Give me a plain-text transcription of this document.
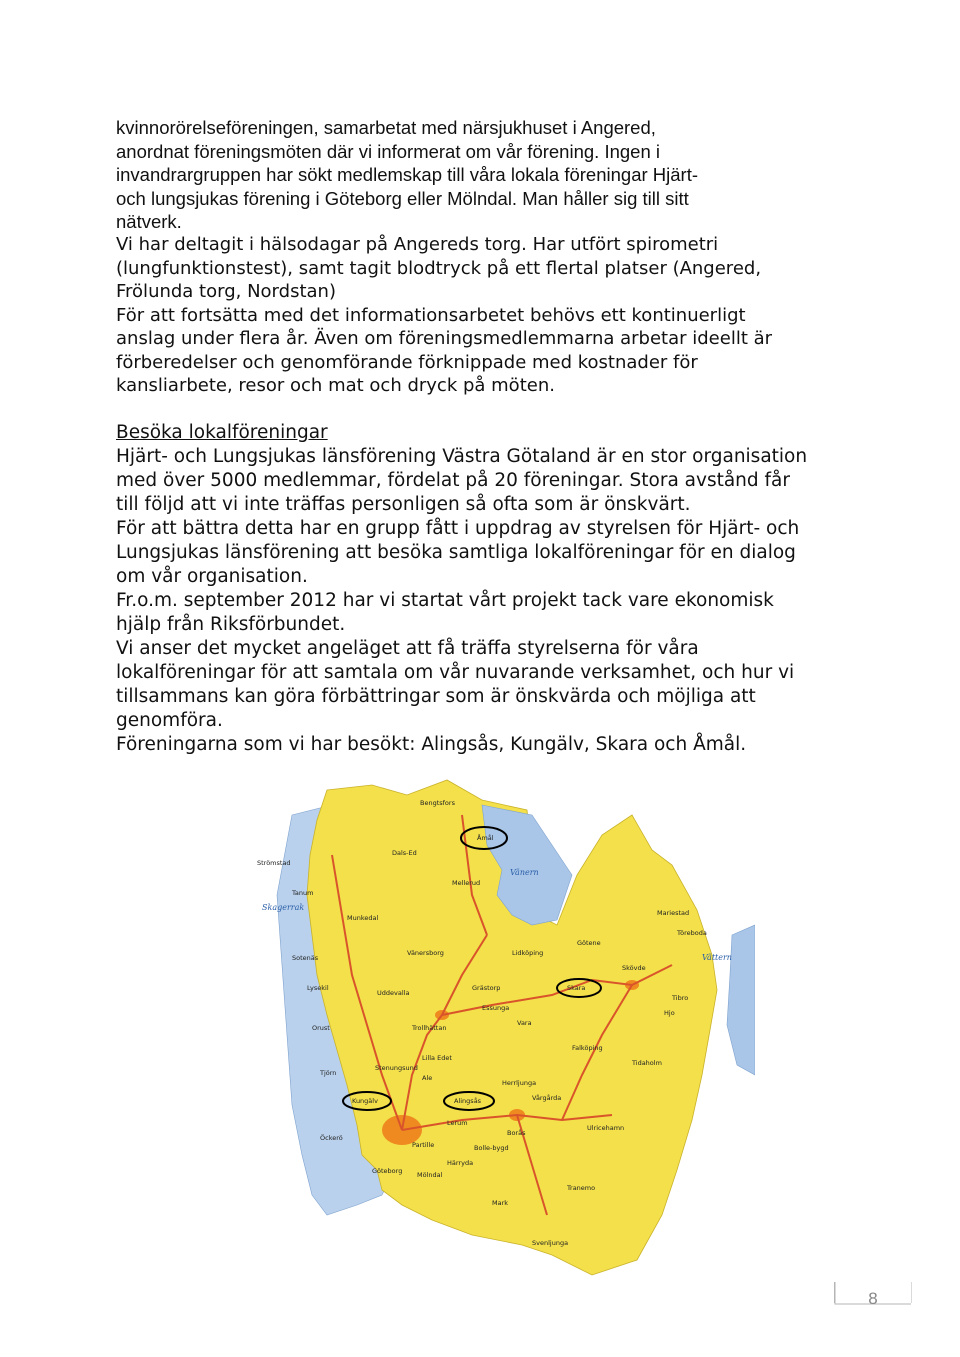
kvinnorörelseföreningen, samarbetat med närsjukhuset i Angered,
anordnat föreningsmöten där vi informerat om vår förening. Ingen i
invandrargruppen har sökt medlemskap till våra lokala föreningar Hjärt-
och lungsjukas förening i Göteborg eller Mölndal. Man håller sig till sitt
nätverk.
Vi har deltagit i hälsodagar på Angereds torg. Har utfört spirometri
(lungfunktionstest), samt tagit blodtryck på ett flertal platser (Angered,
Frölunda torg, Nordstan)
För att fortsätta med det informationsarbetet behövs ett kontinuerligt
anslag under flera år. Även om föreningsmedlemmarna arbetar ideellt är
förberedelser och genomförande förknippade med kostnader för
kansliarbete, resor och mat och dryck på möten.
Besöka lokalföreningar
Hjärt- och Lungsjukas länsförening Västra Götaland är en stor organisation
med över 5000 medlemmar, fördelat på 20 föreningar. Stora avstånd får
till följd att vi inte träffas personligen så ofta som är önskvärt.
För att bättra detta har en grupp fått i uppdrag av styrelsen för Hjärt- och
Lungsjukas länsförening att besöka samtliga lokalföreningar för en dialog
om vår organisation.
Fr.o.m. september 2012 har vi startat vårt projekt tack vare ekonomisk
hjälp från Riksförbundet.
Vi anser det mycket angeläget att få träffa styrelserna för våra
lokalföreningar för att samtala om vår nuvarande verksamhet, och hur vi
tillsammans kan göra förbättringar som är önskvärda och möjliga att
genomföra.
Föreningarna som vi har besökt: Alingsås, Kungälv, Skara och Åmål.
Skagerrak
Vänern
Vättern
Bengtsfors
Åmål
Dals-Ed
Strömstad
Mellerud
Mariestad
Tanum
Töreboda
Munkedal
Vänersborg	Lidköping
Götene
Skövde
Sotenäs
Uddevalla
Grästorp	Skara
Lysekil
Trollhättan
Vara
Hjo
Tibro
Orust
Lilla Edet
Essunga
Falköping
Tjörn
Stenungsund
Ale
Herrljunga
Tidaholm
Kungälv	Alingsås	Vårgårda
Öckerö
Lerum
Partille	Bolle-bygd
Borås
Ulricehamn
Göteborg Mölndal
Härryda
Mark
Tranemo
Svenljunga
8
